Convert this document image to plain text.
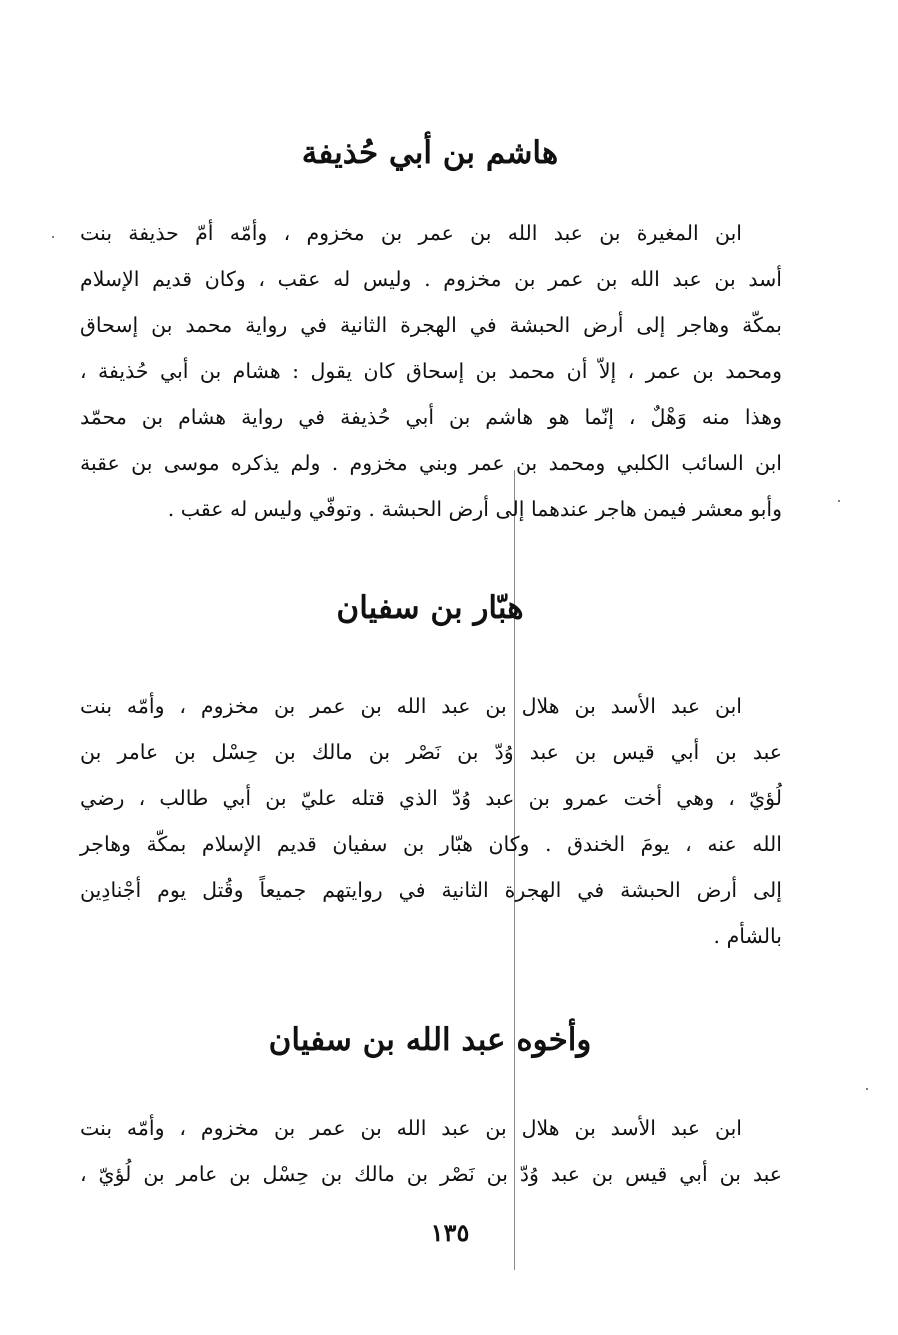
هاشم بن أبي حُذيفة
ابن المغيرة بن عبد الله بن عمر بن مخزوم ، وأمّه أمّ حذيفة بنت
أسد بن عبد الله بن عمر بن مخزوم . وليس له عقب ، وكان قديم الإسلام
بمكّة وهاجر إلى أرض الحبشة في الهجرة الثانية في رواية محمد بن إسحاق
ومحمد بن عمر ، إلاّ أن محمد بن إسحاق كان يقول : هشام بن أبي حُذيفة ،
وهذا منه وَهْلٌ ، إنّما هو هاشم بن أبي حُذيفة في رواية هشام بن محمّد
ابن السائب الكلبي ومحمد بن عمر وبني مخزوم . ولم يذكره موسى بن عقبة
وأبو معشر فيمن هاجر عندهما إلى أرض الحبشة . وتوفّي وليس له عقب .
هبّار بن سفيان
ابن عبد الأسد بن هلال بن عبد الله بن عمر بن مخزوم ، وأمّه بنت
عبد بن أبي قيس بن عبد وُدّ بن نَصْر بن مالك بن حِسْل بن عامر بن
لُؤيّ ، وهي أخت عمرو بن عبد وُدّ الذي قتله عليّ بن أبي طالب ، رضي
الله عنه ، يومَ الخندق . وكان هبّار بن سفيان قديم الإسلام بمكّة وهاجر
إلى أرض الحبشة في الهجرة الثانية في روايتهم جميعاً وقُتل يوم أجْنادِين
بالشأم .
وأخوه عبد الله بن سفيان
ابن عبد الأسد بن هلال بن عبد الله بن عمر بن مخزوم ، وأمّه بنت
عبد بن أبي قيس بن عبد وُدّ بن نَصْر بن مالك بن حِسْل بن عامر بن لُؤيّ ،
١٣٥
